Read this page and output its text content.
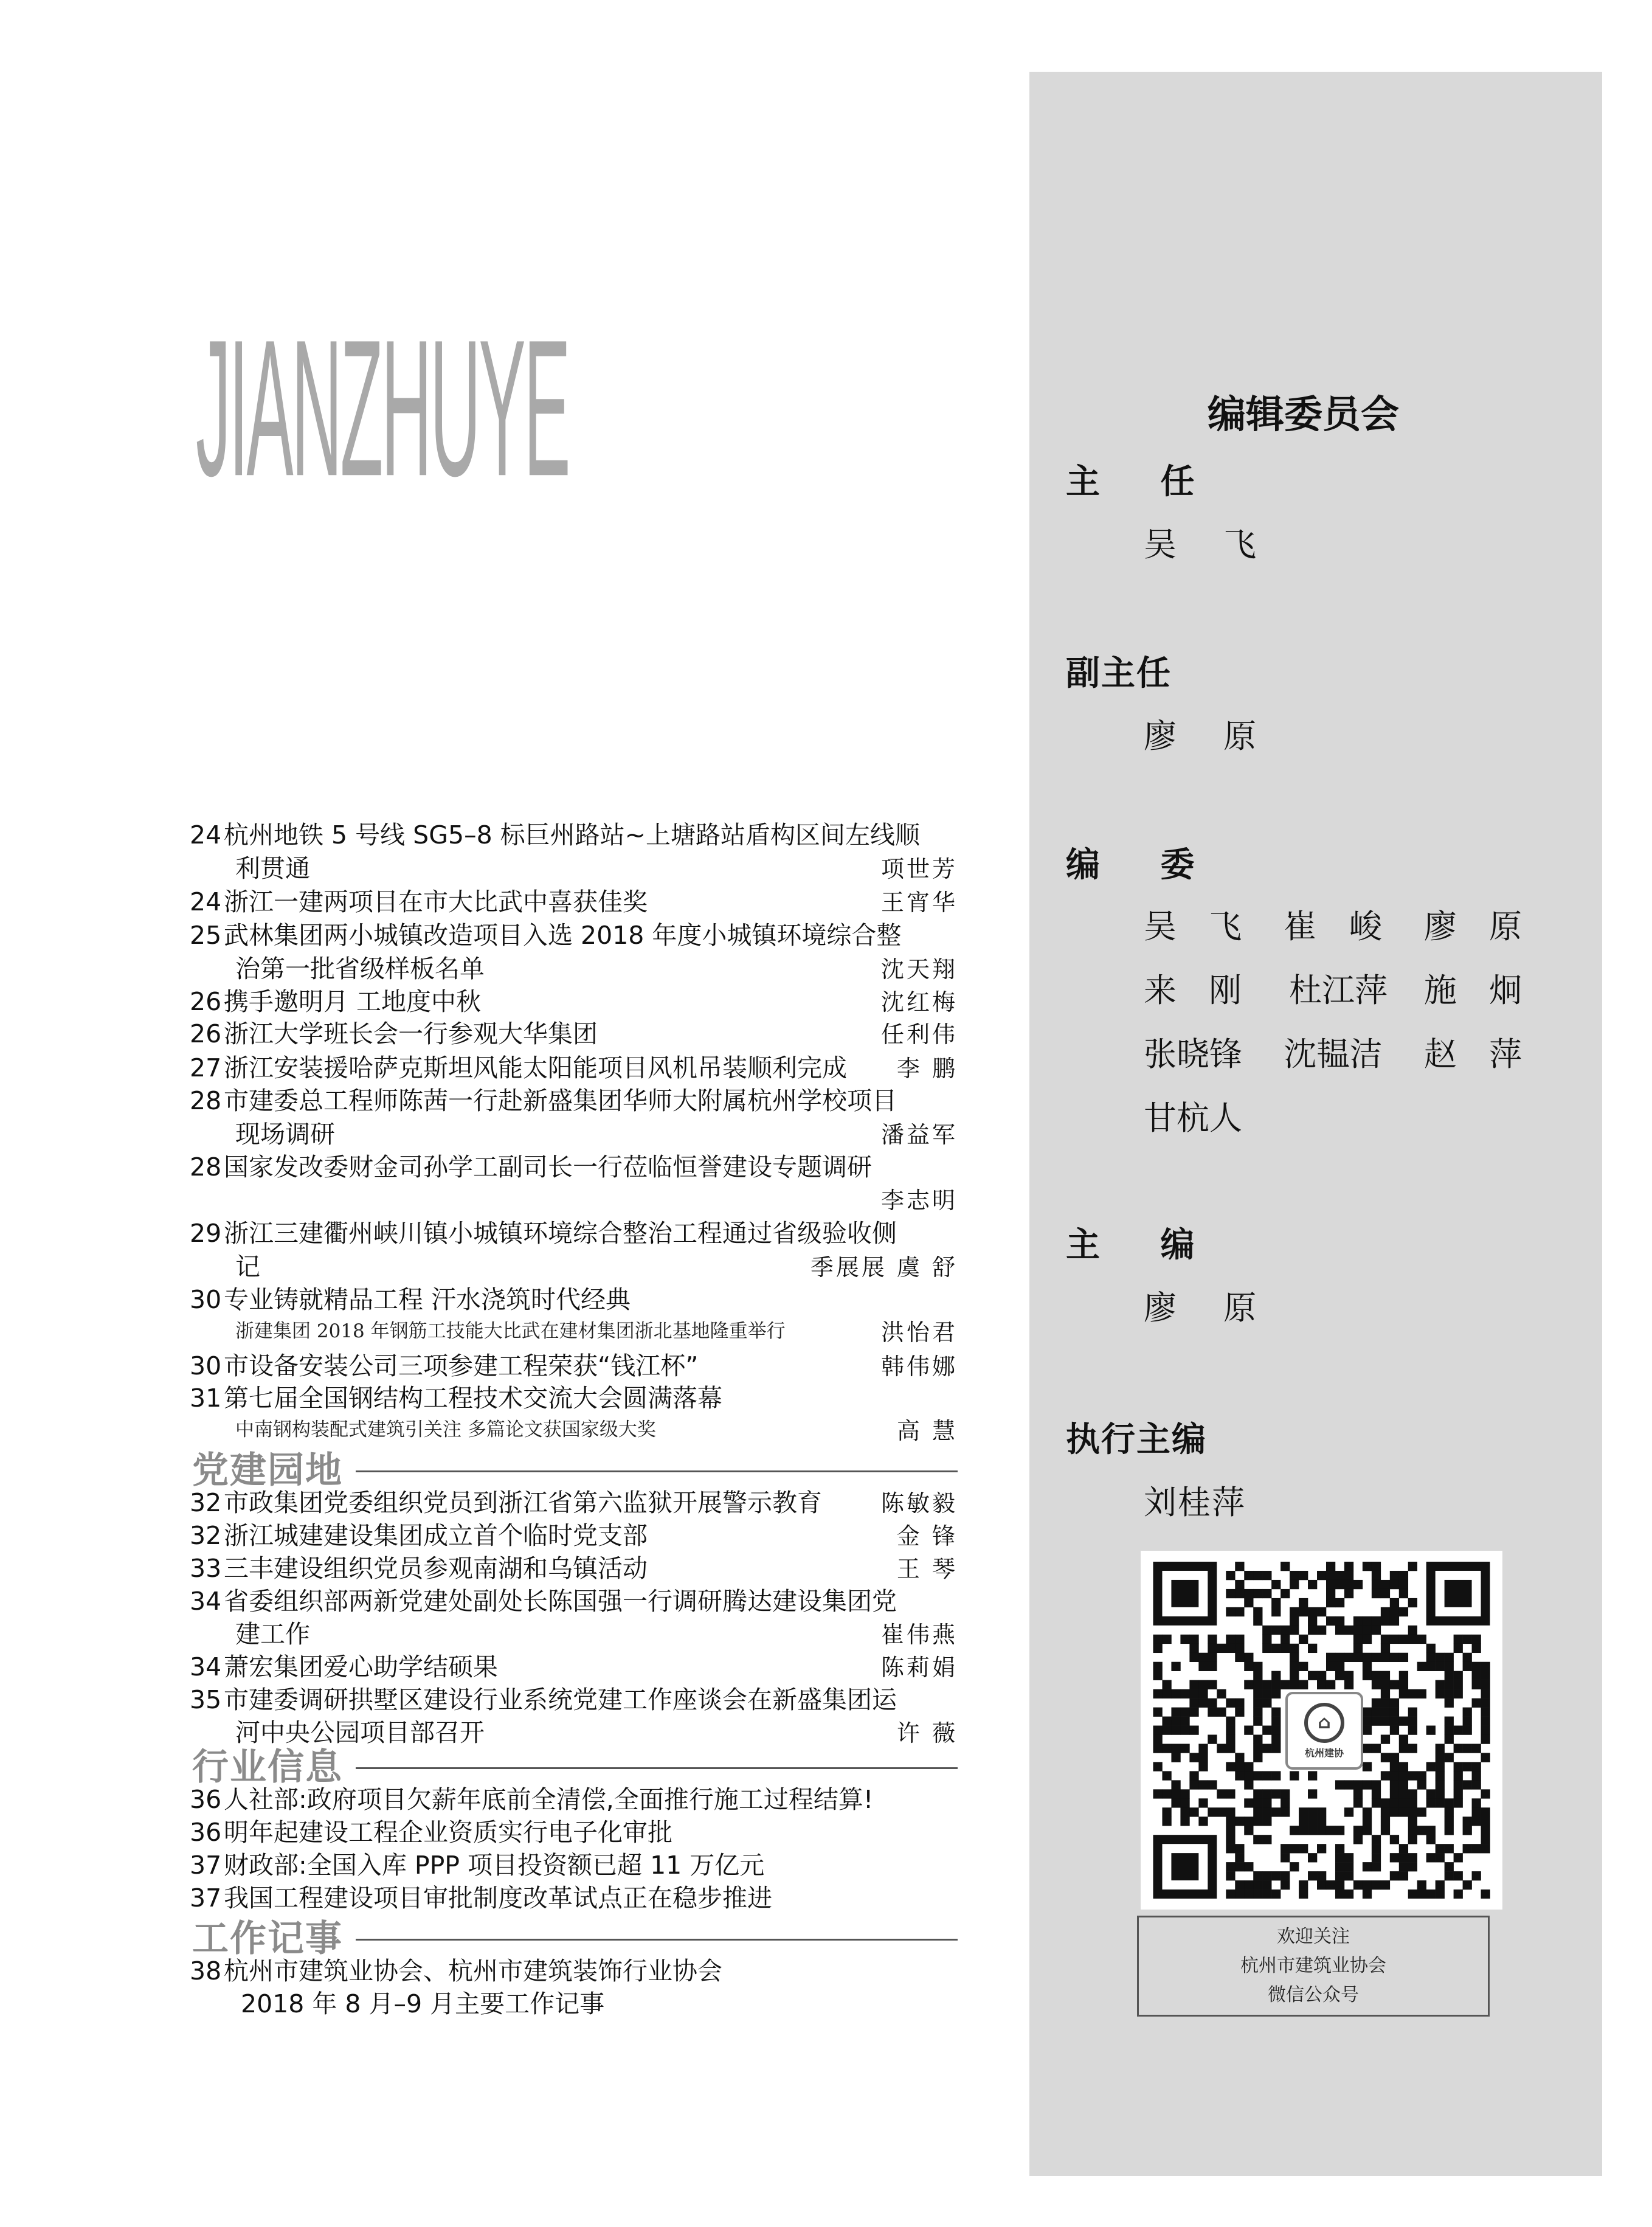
JIANZHUYE	编辑委员会
主 任
吴 飞
副主任
廖 原
编 委
吴 飞 崔 峻 廖 原
来 刚 杜江萍 施 炯
张晓锋 沈韫洁 赵 萍
甘杭人
主 编
廖 原
执行主编
刘桂萍
⌂
杭州建协
欢迎关注
杭州市建筑业协会
微信公众号
24杭州地铁 5 号线 SG5–8 标巨州路站~上塘路站盾构区间左线顺
利贯通	项世芳
24浙江一建两项目在市大比武中喜获佳奖	王宵华
25武林集团两小城镇改造项目入选 2018 年度小城镇环境综合整
治第一批省级样板名单	沈天翔
26携手邀明月 工地度中秋	沈红梅
26浙江大学班长会一行参观大华集团	任利伟
27浙江安装援哈萨克斯坦风能太阳能项目风机吊装顺利完成 李 鹏
28市建委总工程师陈茜一行赴新盛集团华师大附属杭州学校项目
现场调研	潘益军
28国家发改委财金司孙学工副司长一行莅临恒誉建设专题调研
李志明
29浙江三建衢州峡川镇小城镇环境综合整治工程通过省级验收侧
记	季展展 虞 舒
30专业铸就精品工程 汗水浇筑时代经典
浙建集团 2018 年钢筋工技能大比武在建材集团浙北基地隆重举行	洪怡君
30市设备安装公司三项参建工程荣获“钱江杯”	韩伟娜
31第七届全国钢结构工程技术交流大会圆满落幕
中南钢构装配式建筑引关注 多篇论文获国家级大奖	高 慧
党建园地
32市政集团党委组织党员到浙江省第六监狱开展警示教育	陈敏毅
32浙江城建建设集团成立首个临时党支部	金 锋
33三丰建设组织党员参观南湖和乌镇活动	王 琴
34省委组织部两新党建处副处长陈国强一行调研腾达建设集团党
建工作	崔伟燕
34萧宏集团爱心助学结硕果	陈莉娟
35市建委调研拱墅区建设行业系统党建工作座谈会在新盛集团运
河中央公园项目部召开	许 薇
行业信息
36人社部:政府项目欠薪年底前全清偿,全面推行施工过程结算!
36明年起建设工程企业资质实行电子化审批
37财政部:全国入库 PPP 项目投资额已超 11 万亿元
37我国工程建设项目审批制度改革试点正在稳步推进
工作记事
38杭州市建筑业协会、杭州市建筑装饰行业协会
2018 年 8 月–9 月主要工作记事
